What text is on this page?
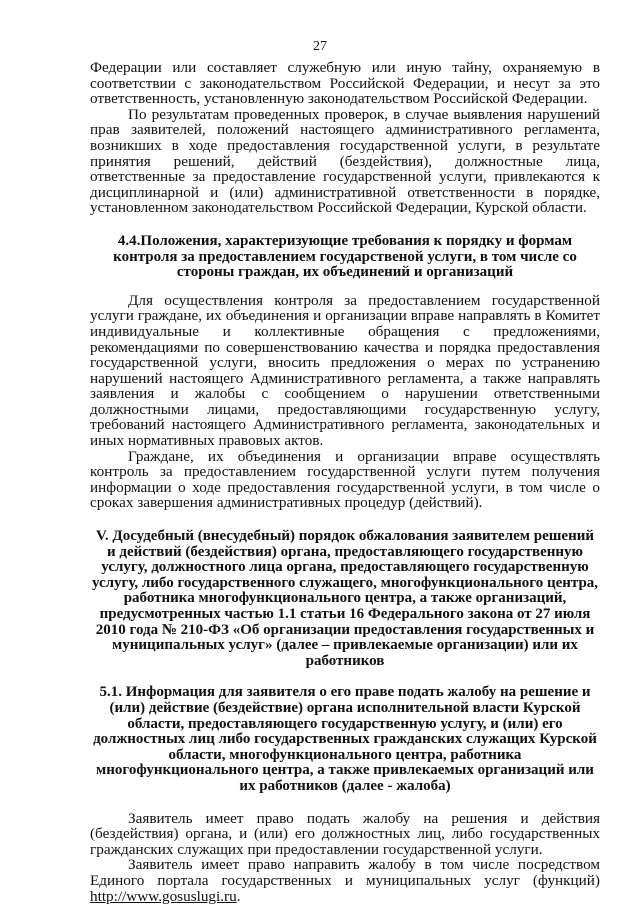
27

Федерации или составляет служебную или иную тайну, охраняемую в соответствии с законодательством Российской Федерации, и несут за это ответственность, установленную законодательством Российской Федерации.

По результатам проведенных проверок, в случае выявления нарушений прав заявителей, положений настоящего административного регламента, возникших в ходе предоставления государственной услуги, в результате принятия решений, действий (бездействия), должностные лица, ответственные за предоставление государственной услуги, привлекаются к дисциплинарной и (или) административной ответственности в порядке, установленном законодательством Российской Федерации, Курской области.

4.4.Положения, характеризующие требования к порядку и формам контроля за предоставлением государственой услуги, в том числе со стороны граждан, их объединений и организаций

Для осуществления контроля за предоставлением государственной услуги граждане, их объединения и организации вправе направлять в Комитет индивидуальные и коллективные обращения с предложениями, рекомендациями по совершенствованию качества и порядка предоставления государственной услуги, вносить предложения о мерах по устранению нарушений настоящего Административного регламента, а также направлять заявления и жалобы с сообщением о нарушении ответственными должностными лицами, предоставляющими государственную услугу, требований настоящего Административного регламента, законодательных и иных нормативных правовых актов.

Граждане, их объединения и организации вправе осуществлять контроль за предоставлением государственной услуги путем получения информации о ходе предоставления государственной услуги, в том числе о сроках завершения административных процедур (действий).

V. Досудебный (внесудебный) порядок обжалования заявителем решений и действий (бездействия) органа, предоставляющего государственную услугу, должностного лица органа, предоставляющего государственную услугу, либо государственного служащего, многофункционального центра, работника многофункционального центра, а также организаций, предусмотренных частью 1.1 статьи 16 Федерального закона от 27 июля 2010 года № 210-ФЗ «Об организации предоставления государственных и муниципальных услуг» (далее – привлекаемые организации) или их работников
5.1. Информация для заявителя о его праве подать жалобу на решение и (или) действие (бездействие) органа исполнительной власти Курской области, предоставляющего государственную услугу, и (или) его должностных лиц либо государственных гражданских служащих Курской области, многофункционального центра, работника многофункционального центра, а также привлекаемых организаций или их работников (далее - жалоба)

Заявитель имеет право подать жалобу на решения и действия (бездействия) органа, и (или) его должностных лиц, либо государственных гражданских служащих при предоставлении государственной услуги.

Заявитель имеет право направить жалобу в том числе посредством Единого портала государственных и муниципальных услуг (функций) http://www.gosuslugi.ru.
